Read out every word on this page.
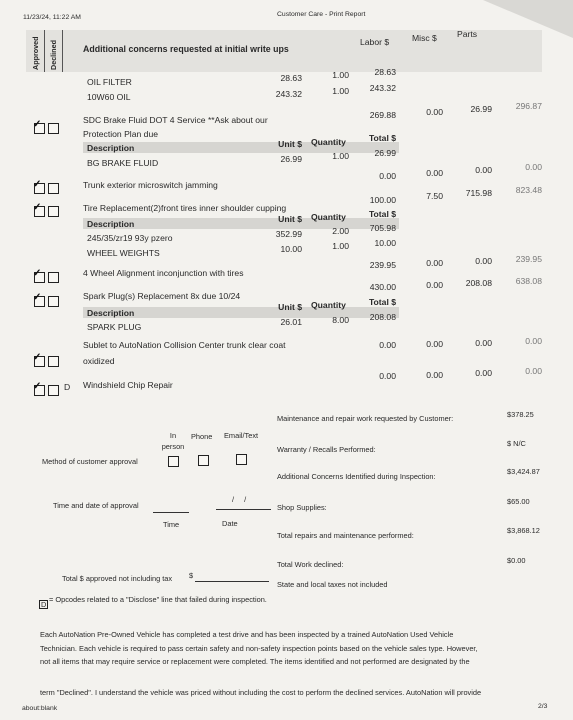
11/23/24, 11:22 AM	Customer Care - Print Report
Approved Declined	Additional concerns requested at initial write ups
Labor $	Misc $ Parts
OIL FILTER	28.63	1.00	28.63
10W60 OIL	243.32	1.00	243.32
✓	SDC Brake Fluid DOT 4 Service **Ask about our
Protection Plan due
269.88	0.00	26.99	296.87
Description	Unit $ Quantity	Total $
BG BRAKE FLUID	26.99	1.00	26.99
✓	Trunk exterior microswitch jamming
0.00	0.00	0.00	0.00
✓	Tire Replacement(2)front tires inner shoulder cupping
100.00	7.50	715.98	823.48
Description	Unit $ Quantity	Total $
245/35/zr19 93y pzero	352.99	2.00	705.98
WHEEL WEIGHTS	10.00	1.00	10.00
✓	4 Wheel Alignment inconjunction with tires
239.95	0.00	0.00	239.95
✓	Spark Plug(s) Replacement 8x due 10/24
430.00	0.00	208.08	638.08
Description
Unit $ Quantity	Total $
SPARK PLUG	26.01	8.00	208.08
✓
Sublet to AutoNation Collision Center trunk clear coat
oxidized
0.00	0.00	0.00	0.00
✓	D Windshield Chip Repair
0.00	0.00	0.00	0.00
In person
Phone Email/Text
Method of customer approval
Time and date of approval
/ /
Time	Date
Total $ approved not including tax $
Maintenance and repair work requested by Customer:	$378.25
Warranty / Recalls Performed:
$ N/C
Additional Concerns Identified during Inspection:
$3,424.87
Shop Supplies:
$65.00
Total repairs and maintenance performed:
$3,868.12
Total Work declined:	$0.00
State and local taxes not included
D
= Opcodes related to a "Disclose" line that failed during inspection.
Each AutoNation Pre-Owned Vehicle has completed a test drive and has been inspected by a trained AutoNation Used Vehicle
Technician. Each vehicle is required to pass certain safety and non-safety inspection points based on the vehicle sales type. However,
not all items that may require service or replacement were completed. The items identified and not performed are designated by the
term "Declined". I understand the vehicle was priced without including the cost to perform the declined services. AutoNation will provide
about:blank	2/3
